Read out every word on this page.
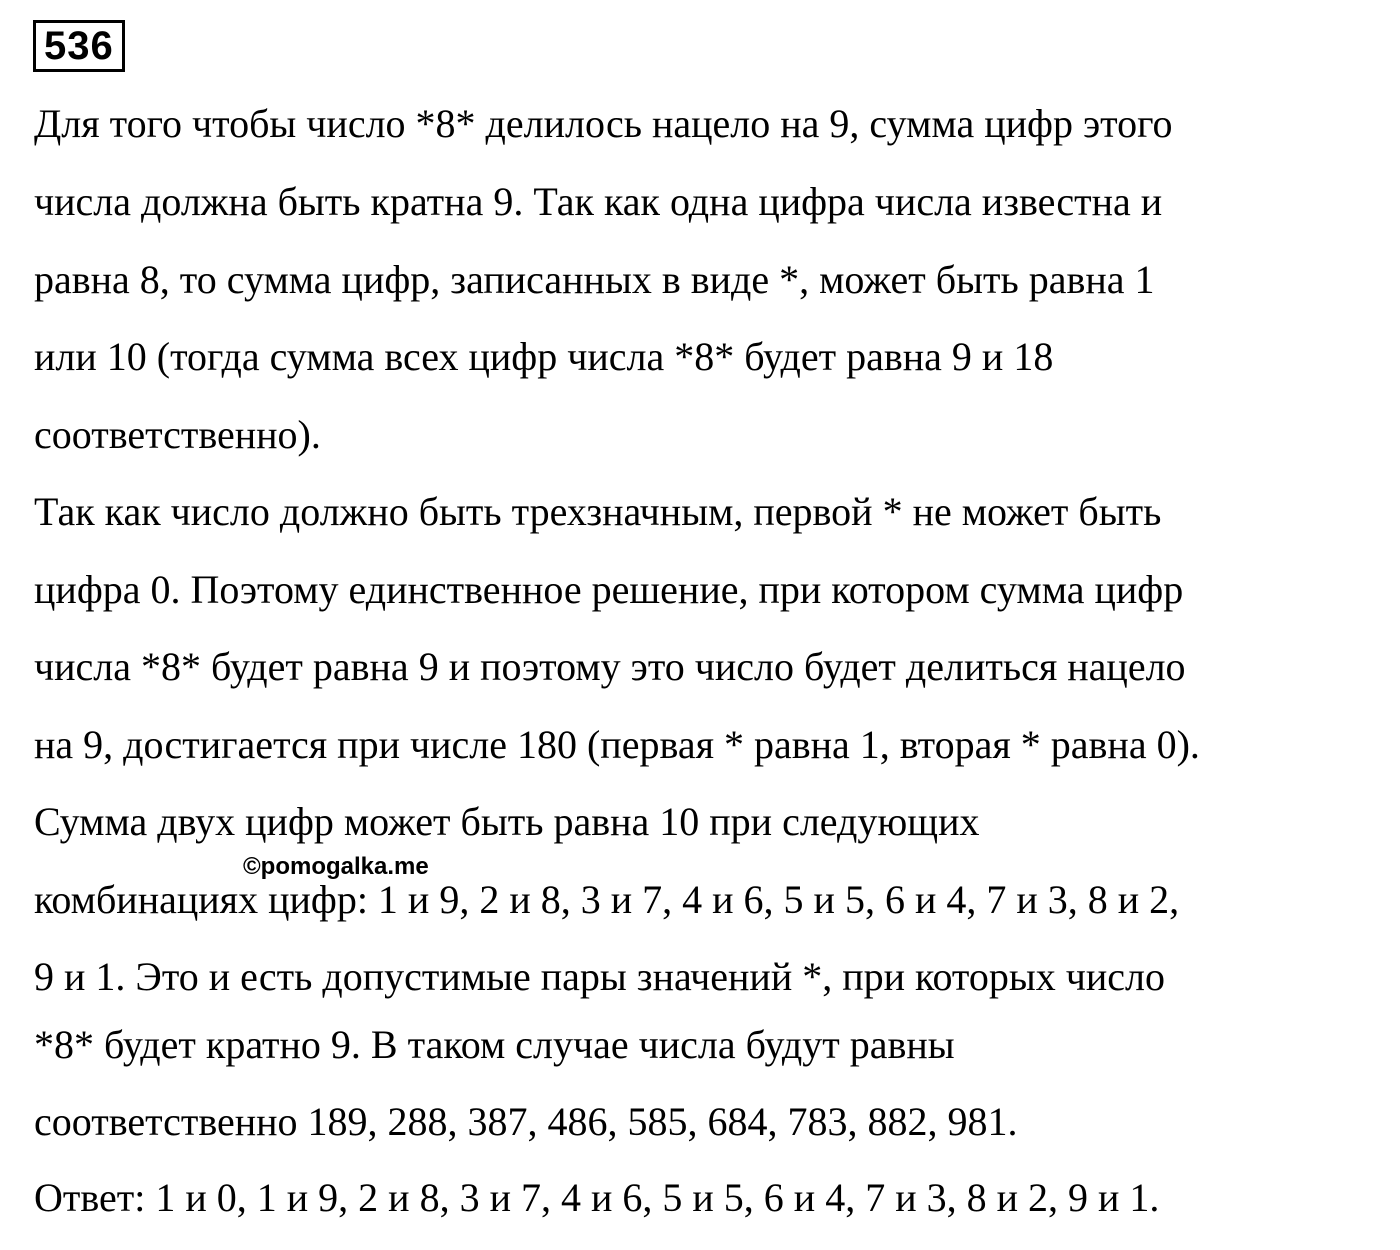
536
Для того чтобы число *8* делилось нацело на 9, сумма цифр этого
числа должна быть кратна 9. Так как одна цифра числа известна и
равна 8, то сумма цифр, записанных в виде *, может быть равна 1
или 10 (тогда сумма всех цифр числа *8* будет равна 9 и 18
соответственно).
Так как число должно быть трехзначным, первой * не может быть
цифра 0. Поэтому единственное решение, при котором сумма цифр
числа *8* будет равна 9 и поэтому это число будет делиться нацело
на 9, достигается при числе 180 (первая * равна 1, вторая * равна 0).
Сумма двух цифр может быть равна 10 при следующих
комбинациях цифр: 1 и 9, 2 и 8, 3 и 7, 4 и 6, 5 и 5, 6 и 4, 7 и 3, 8 и 2,
9 и 1. Это и есть допустимые пары значений *, при которых число
*8* будет кратно 9. В таком случае числа будут равны
соответственно 189, 288, 387, 486, 585, 684, 783, 882, 981.
Ответ: 1 и 0, 1 и 9, 2 и 8, 3 и 7, 4 и 6, 5 и 5, 6 и 4, 7 и 3, 8 и 2, 9 и 1.
©pomogalka.me
